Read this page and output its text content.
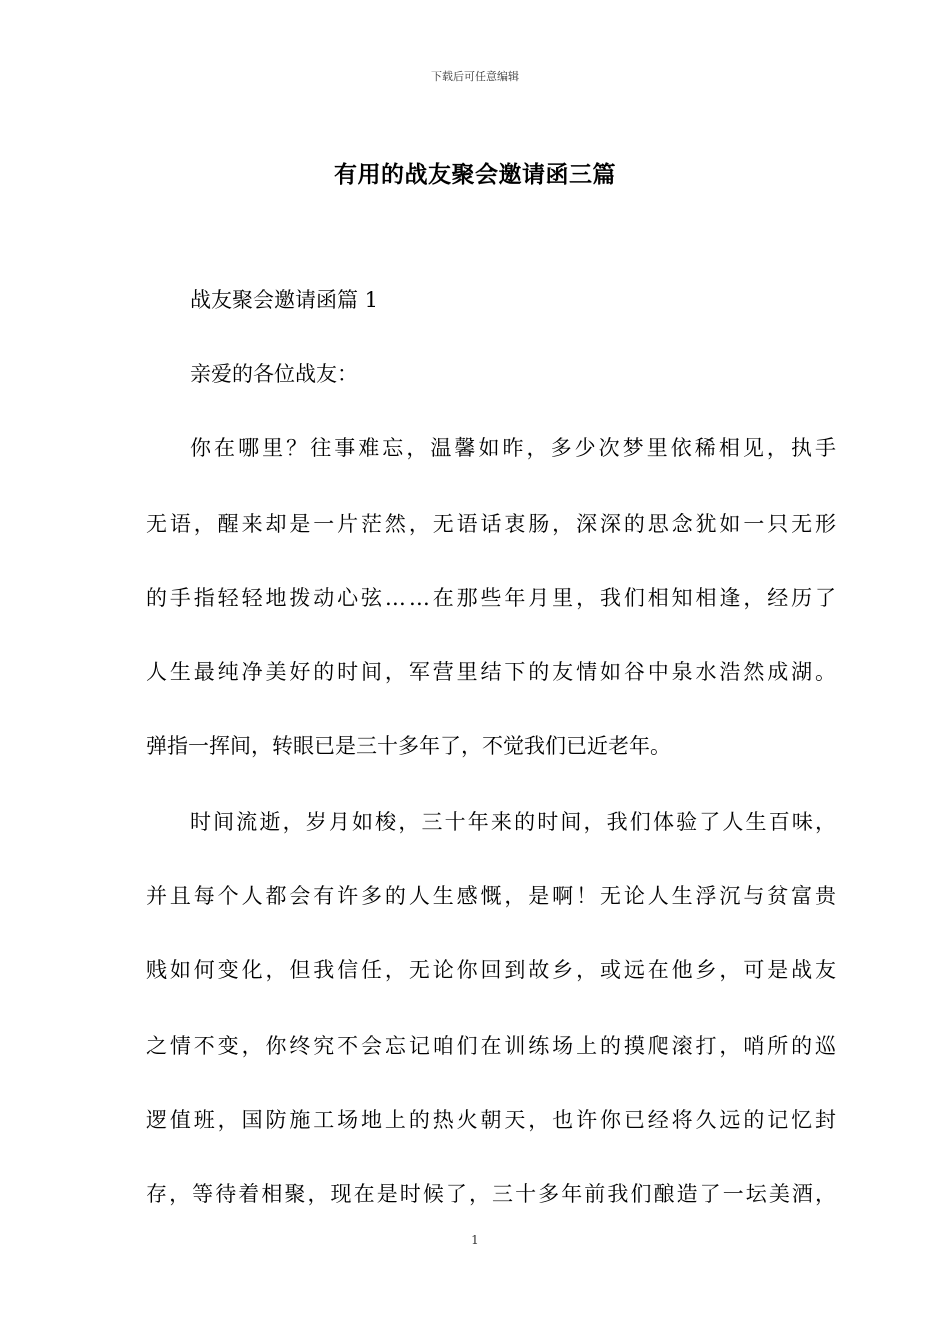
下载后可任意编辑
有用的战友聚会邀请函三篇
战友聚会邀请函篇 1
亲爱的各位战友：
你在哪里？往事难忘，温馨如昨，多少次梦里依稀相见，执手
无语，醒来却是一片茫然，无语话衷肠，深深的思念犹如一只无形
的手指轻轻地拨动心弦……在那些年月里，我们相知相逢，经历了
人生最纯净美好的时间，军营里结下的友情如谷中泉水浩然成湖。
弹指一挥间，转眼已是三十多年了，不觉我们已近老年。
时间流逝，岁月如梭，三十年来的时间，我们体验了人生百味，
并且每个人都会有许多的人生感慨，是啊！无论人生浮沉与贫富贵
贱如何变化，但我信任，无论你回到故乡，或远在他乡，可是战友
之情不变，你终究不会忘记咱们在训练场上的摸爬滚打，哨所的巡
逻值班，国防施工场地上的热火朝天，也许你已经将久远的记忆封
存，等待着相聚，现在是时候了，三十多年前我们酿造了一坛美酒，
1
